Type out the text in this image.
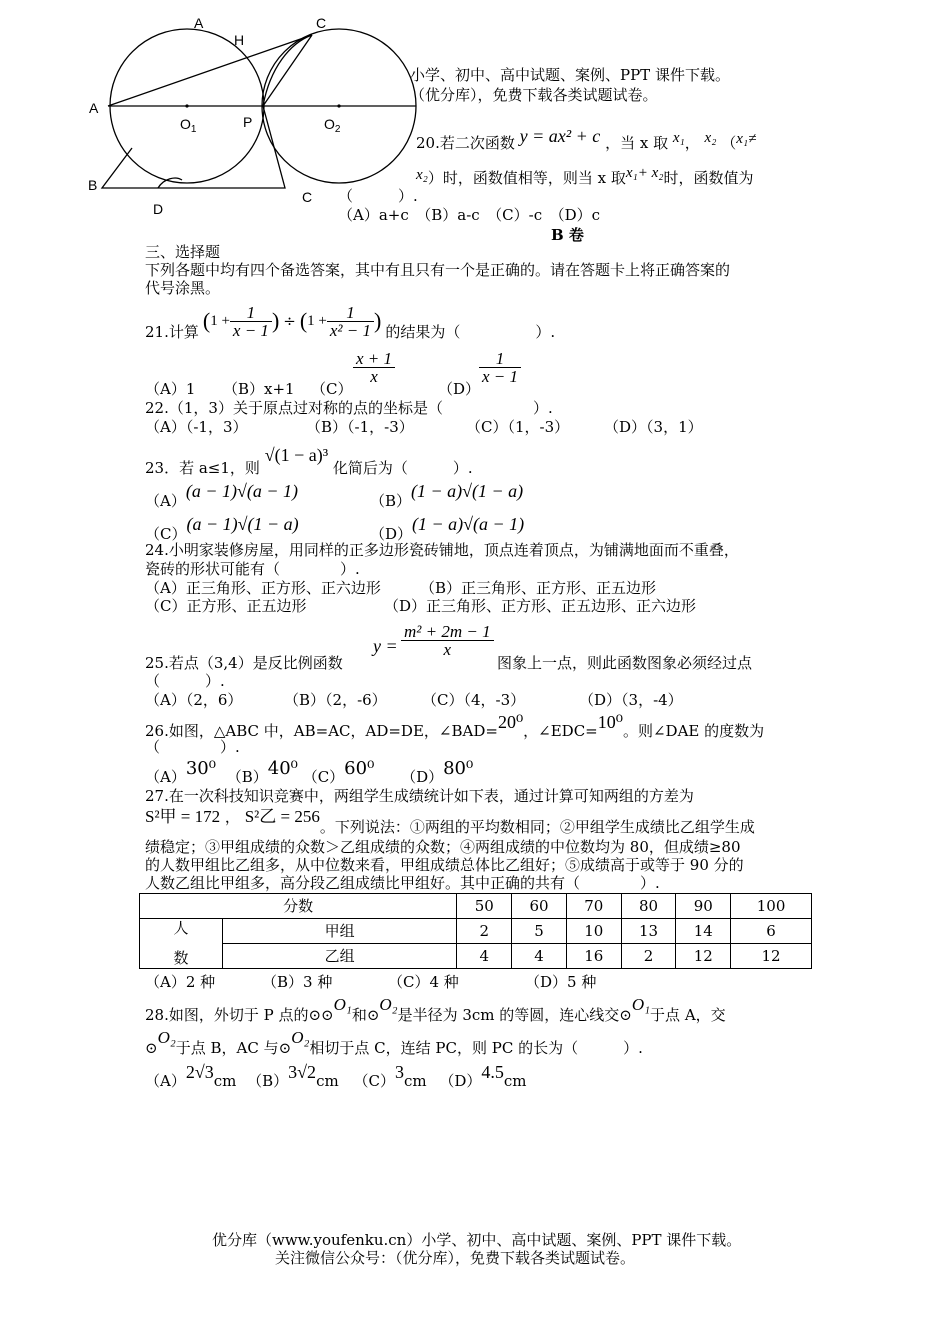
A
H
C
A
$O_1$	P	$O_2$
B
D
C
小学、初中、高中试题、案例、PPT 课件下载。
（优分库），免费下载各类试题试卷。
20.若二次函数 y = ax² + c ，当 x 取 x₁， x₂ （x₁≠
x₂）时，函数值相等，则当 x 取x₁+ x₂时，函数值为
（　　　）.
（A）a+c　（B）a-c　（C）-c　（D）c
B 卷
三、选择题
下列各题中均有四个备选答案，其中有且只有一个是正确的。请在答题卡上将正确答案的
代号涂黑。
21.计算 ( $1 + \frac{1}{x - 1}$ ) ÷ ( $1 + \frac{1}{\text{x² − 1}}$ ) 的结果为（　　　　　）.
（A）1 （B）x+1 （C）
$\frac{x + 1}{x}$
（D）
$\frac{1}{x - 1}$
22.（1，3）关于原点过对称的点的坐标是（　　　　　　）.
（A）（-1，3）	（B）（-1，-3）	（C）（1，-3） （D）（3，1）
23．若 a≤1，则 √(1 − a)³ 化简后为（　　　）.
（A）(a − 1)√(a − 1)	（B）(1 − a)√(1 − a)
（C）(a − 1)√(1 − a)	（D）(1 − a)√(a − 1)
24.小明家装修房屋，用同样的正多边形瓷砖铺地，顶点连着顶点，为铺满地面而不重叠，
瓷砖的形状可能有（　　　　）.
（A）正三角形、正方形、正六边形	（B）正三角形、正方形、正五边形
（C）正方形、正五边形	（D）正三角形、正方形、正五边形、正六边形
25.若点（3,4）是反比例函数
$y = \frac{\text{m² + 2m − 1}}{x}$
图象上一点，则此函数图象必须经过点
（　　　）.
（A）（2，6）	（B）（2，-6） （C）（4，-3）	（D）（3，-4）
26.如图，△ABC 中，AB=AC，AD=DE，∠BAD=20⁰，∠EDC=10⁰。则∠DAE 的度数为
（　　　　）.
（A）30⁰ （B）40⁰ （C）60⁰ （D）80⁰
27.在一次科技知识竞赛中，两组学生成绩统计如下表，通过计算可知两组的方差为
S²甲 = 172 ， S²乙 = 256。下列说法：①两组的平均数相同；②甲组学生成绩比乙组学生成
绩稳定；③甲组成绩的众数＞乙组成绩的众数；④两组成绩的中位数均为 80，但成绩≥80
的人数甲组比乙组多，从中位数来看，甲组成绩总体比乙组好；⑤成绩高于或等于 90 分的
人数乙组比甲组多，高分段乙组成绩比甲组好。其中正确的共有（　　　　）.
分数		50	60	70	80	90	100
人

数	甲组	2	5	10	13	14	6
	乙组	4	4	16	2	12	12
（A）2 种	（B）3 种	（C）4 种	（D）5 种
28.如图，外切于 P 点的⊙⊙O₁和⊙O₂是半径为 3cm 的等圆，连心线交⊙O₁于点 A，交
⊙O₂于点 B，AC 与⊙O₂相切于点 C，连结 PC，则 PC 的长为（　　　）.
（A）2√3cm （B）3√2cm （C）3cm （D）4.5cm
优分库（www.youfenku.cn）小学、初中、高中试题、案例、PPT 课件下载。
关注微信公众号：（优分库），免费下载各类试题试卷。
